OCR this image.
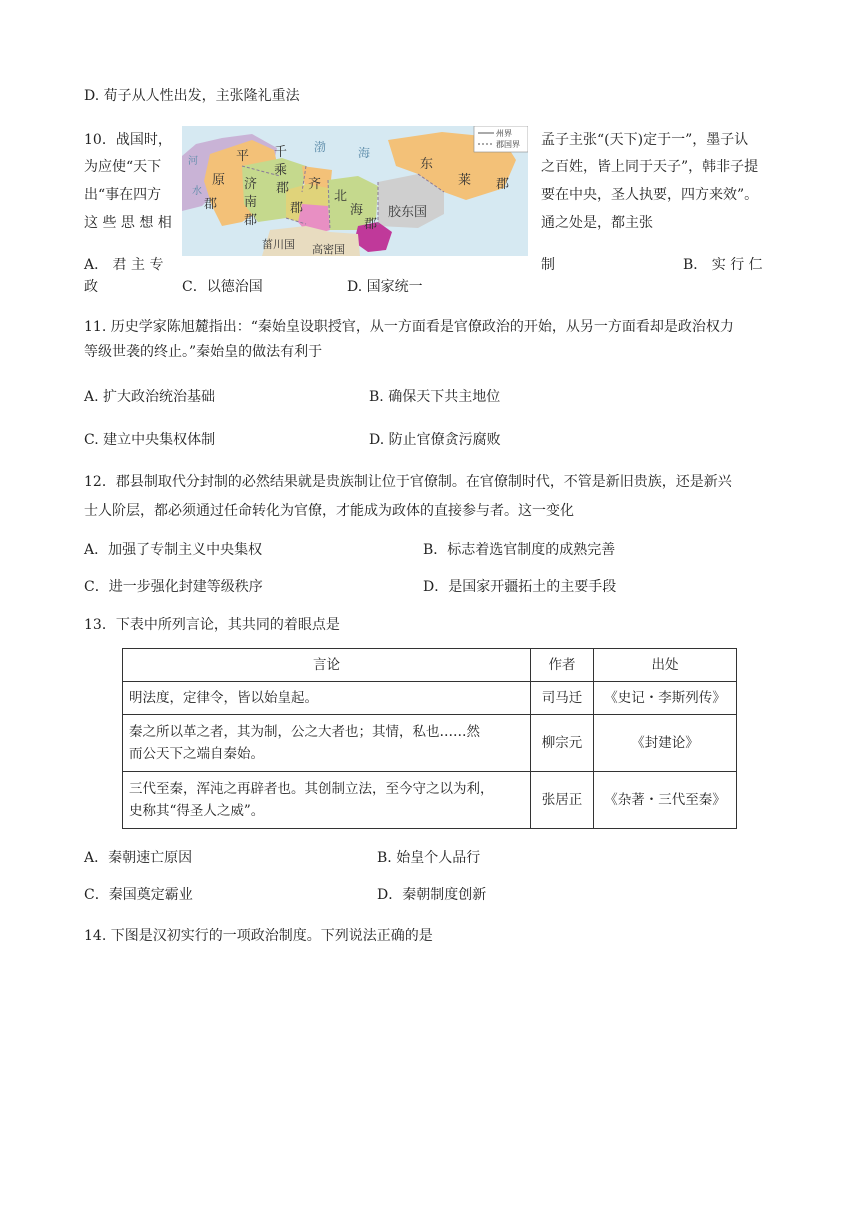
D. 荀子从人性出发，主张隆礼重法
10．战国时，
为应使“天下
出“事在四方
这 些 思 想 相
州界
郡国界
渤	海
河
水
平
原
郡
千
乘
郡
济
南
郡
齐
郡
北
海
郡
胶东国
东
莱 郡
菑川国 高密国
孟子主张“(天下)定于一”，墨子认
之百姓，皆上同于天子”，韩非子提
要在中央，圣人执要，四方来效”。
通之处是，都主张
A． 君 主 专	制	B． 实 行 仁
政	C．以德治国	D. 国家统一
11. 历史学家陈旭麓指出：“秦始皇设职授官，从一方面看是官僚政治的开始，从另一方面看却是政治权力
等级世袭的终止。”秦始皇的做法有利于
A. 扩大政治统治基础	B. 确保天下共主地位
C. 建立中央集权体制	D. 防止官僚贪污腐败
12．郡县制取代分封制的必然结果就是贵族制让位于官僚制。在官僚制时代，不管是新旧贵族，还是新兴
士人阶层，都必须通过任命转化为官僚，才能成为政体的直接参与者。这一变化
A．加强了专制主义中央集权	B．标志着选官制度的成熟完善
C．进一步强化封建等级秩序	D．是国家开疆拓土的主要手段
13．下表中所列言论，其共同的着眼点是
言论	作者	出处
明法度，定律令，皆以始皇起。	司马迁	《史记・李斯列传》

秦之所以革之者，其为制，公之大者也；其情，私也……然
而公天下之端自秦始。	柳宗元	《封建论》

三代至秦，浑沌之再辟者也。其创制立法，至今守之以为利，
史称其“得圣人之威”。	张居正	《杂著・三代至秦》
A．秦朝速亡原因	B. 始皇个人品行
C．秦国奠定霸业	D．秦朝制度创新
14. 下图是汉初实行的一项政治制度。下列说法正确的是
